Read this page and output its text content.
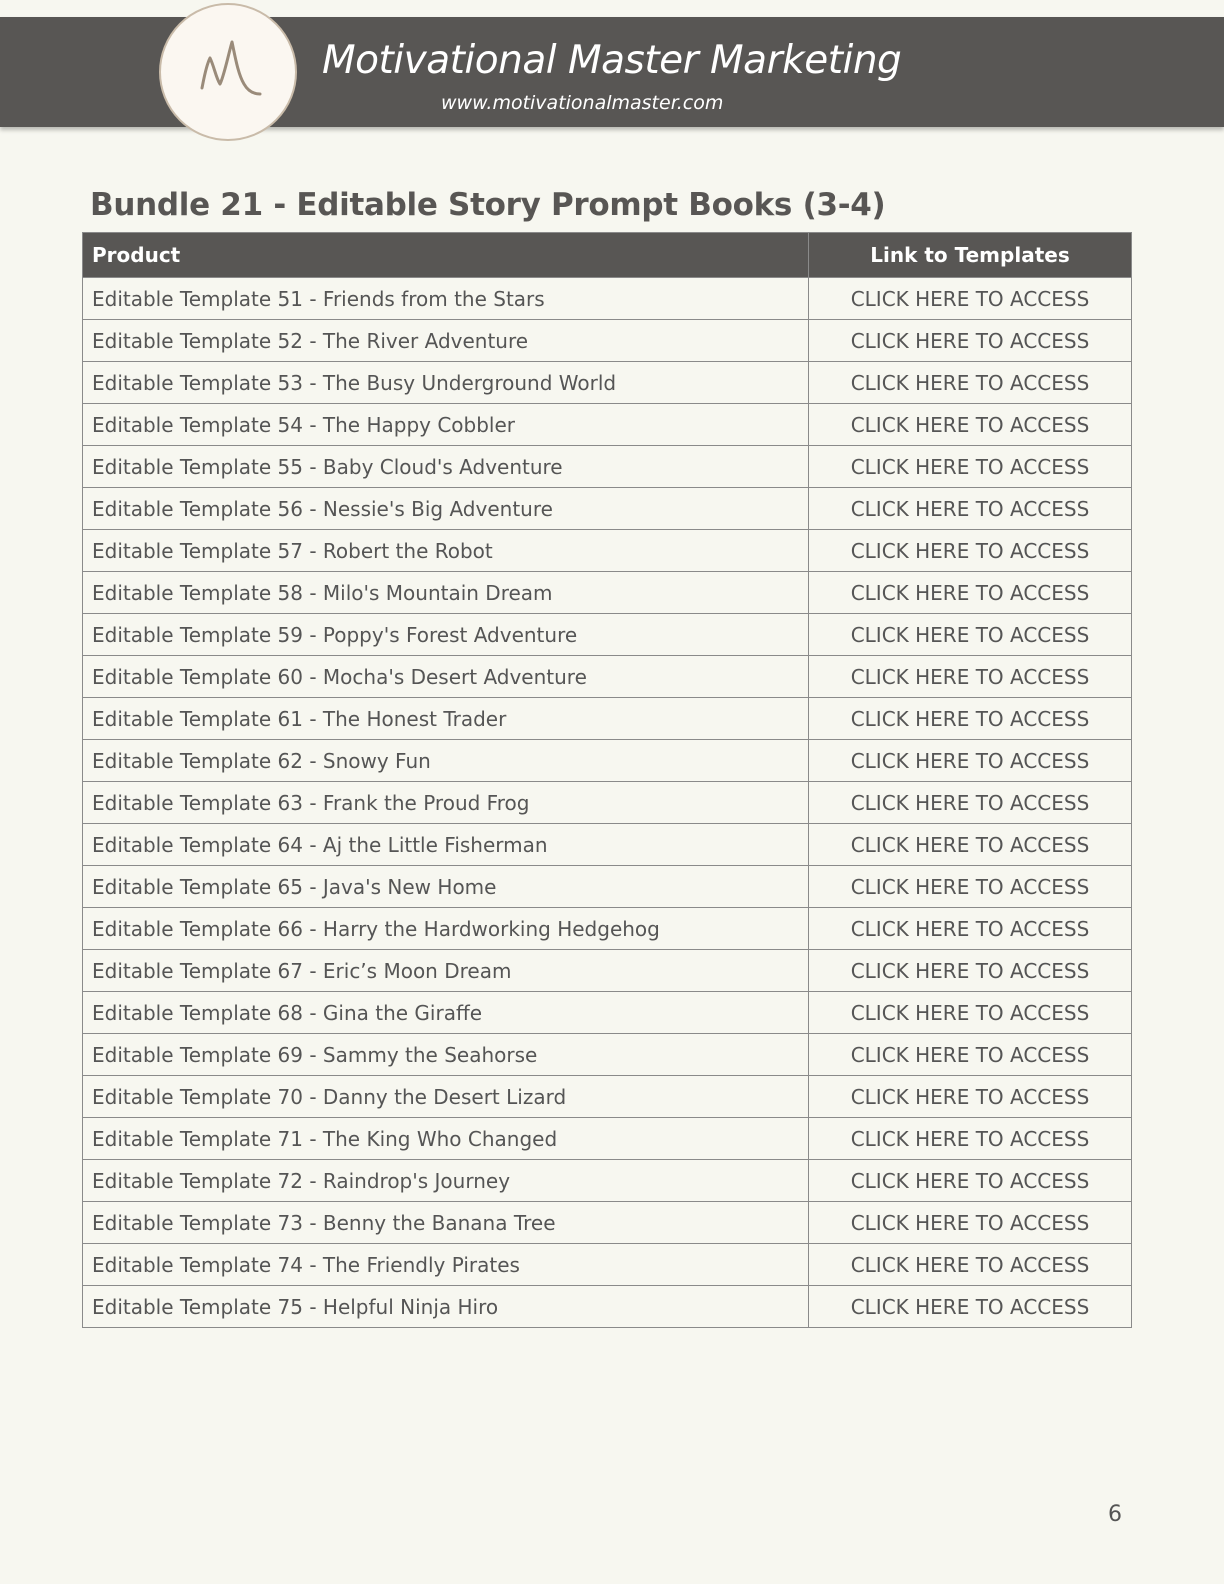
Motivational Master Marketing
www.motivationalmaster.com
Bundle 21 - Editable Story Prompt Books (3-4)
Product	Link to Templates
Editable Template 51 - Friends from the Stars	CLICK HERE TO ACCESS
Editable Template 52 - The River Adventure	CLICK HERE TO ACCESS
Editable Template 53 - The Busy Underground World	CLICK HERE TO ACCESS
Editable Template 54 - The Happy Cobbler	CLICK HERE TO ACCESS
Editable Template 55 - Baby Cloud's Adventure	CLICK HERE TO ACCESS
Editable Template 56 - Nessie's Big Adventure	CLICK HERE TO ACCESS
Editable Template 57 - Robert the Robot	CLICK HERE TO ACCESS
Editable Template 58 - Milo's Mountain Dream	CLICK HERE TO ACCESS
Editable Template 59 - Poppy's Forest Adventure	CLICK HERE TO ACCESS
Editable Template 60 - Mocha's Desert Adventure	CLICK HERE TO ACCESS
Editable Template 61 - The Honest Trader	CLICK HERE TO ACCESS
Editable Template 62 - Snowy Fun	CLICK HERE TO ACCESS
Editable Template 63 - Frank the Proud Frog	CLICK HERE TO ACCESS
Editable Template 64 - Aj the Little Fisherman	CLICK HERE TO ACCESS
Editable Template 65 - Java's New Home	CLICK HERE TO ACCESS
Editable Template 66 - Harry the Hardworking Hedgehog	CLICK HERE TO ACCESS
Editable Template 67 - Eric’s Moon Dream	CLICK HERE TO ACCESS
Editable Template 68 - Gina the Giraffe	CLICK HERE TO ACCESS
Editable Template 69 - Sammy the Seahorse	CLICK HERE TO ACCESS
Editable Template 70 - Danny the Desert Lizard	CLICK HERE TO ACCESS
Editable Template 71 - The King Who Changed	CLICK HERE TO ACCESS
Editable Template 72 - Raindrop's Journey	CLICK HERE TO ACCESS
Editable Template 73 - Benny the Banana Tree	CLICK HERE TO ACCESS
Editable Template 74 - The Friendly Pirates	CLICK HERE TO ACCESS
Editable Template 75 - Helpful Ninja Hiro	CLICK HERE TO ACCESS
6
